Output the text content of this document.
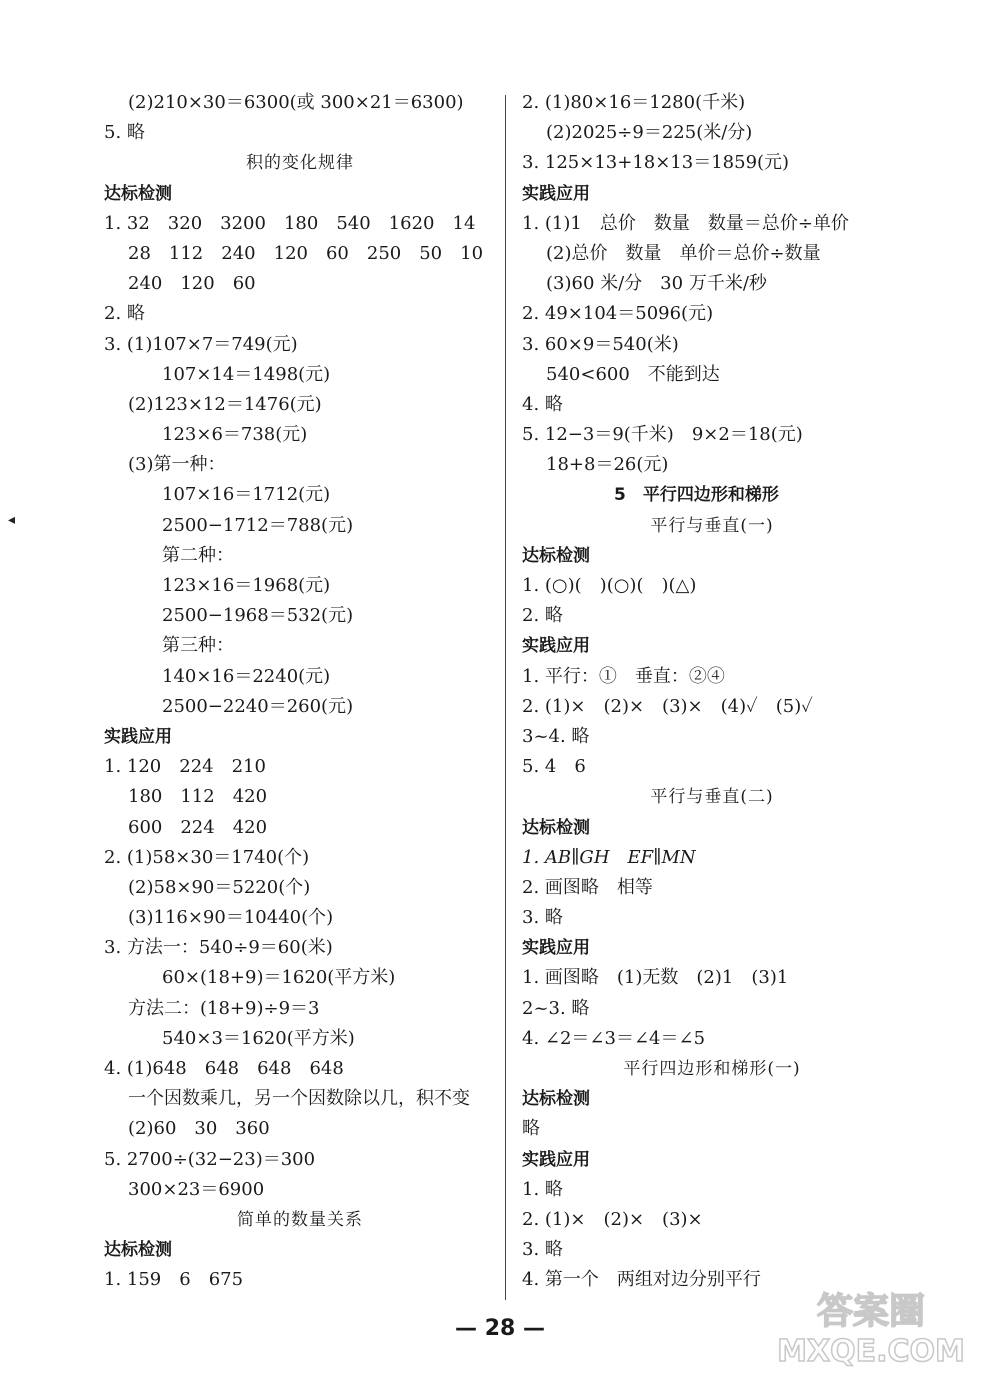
◂
(2)210×30＝6300(或 300×21＝6300)
5. 略
积的变化规律
达标检测
1. 32　320　3200　180　540　1620　14
28　112　240　120　60　250　50　10
240　120　60
2. 略
3. (1)107×7＝749(元)
107×14＝1498(元)
(2)123×12＝1476(元)
123×6＝738(元)
(3)第一种：
107×16＝1712(元)
2500−1712＝788(元)
第二种：
123×16＝1968(元)
2500−1968＝532(元)
第三种：
140×16＝2240(元)
2500−2240＝260(元)
实践应用
1. 120　224　210
180　112　420
600　224　420
2. (1)58×30＝1740(个)
(2)58×90＝5220(个)
(3)116×90＝10440(个)
3. 方法一：540÷9＝60(米)
60×(18+9)＝1620(平方米)
方法二：(18+9)÷9＝3
540×3＝1620(平方米)
4. (1)648　648　648　648
一个因数乘几，另一个因数除以几，积不变
(2)60　30　360
5. 2700÷(32−23)＝300
300×23＝6900
简单的数量关系
达标检测
1. 159　6　675
2. (1)80×16＝1280(千米)
(2)2025÷9＝225(米/分)
3. 125×13+18×13＝1859(元)
实践应用
1. (1)1　总价　数量　数量＝总价÷单价
(2)总价　数量　单价＝总价÷数量
(3)60 米/分　30 万千米/秒
2. 49×104＝5096(元)
3. 60×9＝540(米)
540<600　不能到达
4. 略
5. 12−3＝9(千米)　9×2＝18(元)
18+8＝26(元)
5　平行四边形和梯形
平行与垂直(一)
达标检测
1. (○)(　)(○)(　)(△)
2. 略
实践应用
1. 平行：①　垂直：②④
2. (1)×　(2)×　(3)×　(4)✓　(5)✓
3~4. 略
5. 4　6
平行与垂直(二)
达标检测
1. AB∥GH　EF∥MN
2. 画图略　相等
3. 略
实践应用
1. 画图略　(1)无数　(2)1　(3)1
2~3. 略
4. ∠2＝∠3＝∠4＝∠5
平行四边形和梯形(一)
达标检测
略
实践应用
1. 略
2. (1)×　(2)×　(3)×
3. 略
4. 第一个　两组对边分别平行
— 28 —	答案圈
MXQE.COM
